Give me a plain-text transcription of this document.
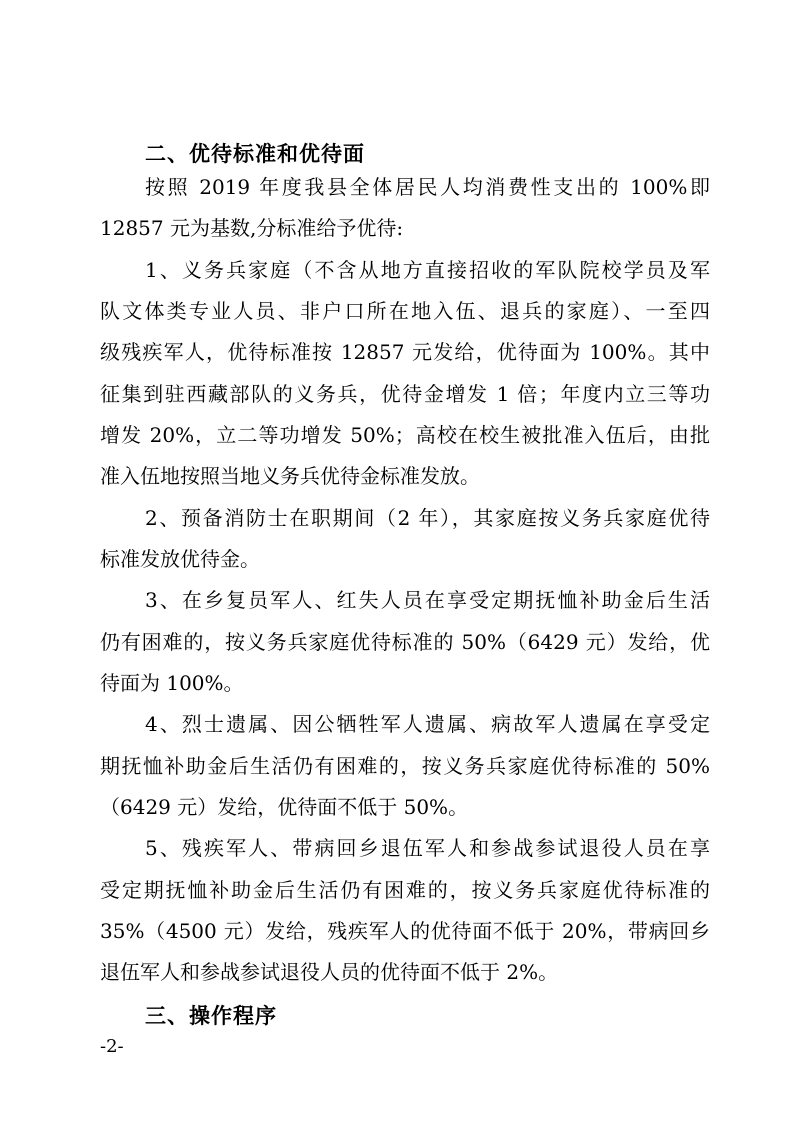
二、优待标准和优待面
按照 2019 年度我县全体居民人均消费性支出的 100%即
12857 元为基数,分标准给予优待:
1、义务兵家庭（不含从地方直接招收的军队院校学员及军
队文体类专业人员、非户口所在地入伍、退兵的家庭）、一至四
级残疾军人，优待标准按 12857 元发给，优待面为 100%。其中
征集到驻西藏部队的义务兵，优待金增发 1 倍；年度内立三等功
增发 20%，立二等功增发 50%；高校在校生被批准入伍后，由批
准入伍地按照当地义务兵优待金标准发放。
2、预备消防士在职期间（2 年），其家庭按义务兵家庭优待
标准发放优待金。
3、在乡复员军人、红失人员在享受定期抚恤补助金后生活
仍有困难的，按义务兵家庭优待标准的 50%（6429 元）发给，优
待面为 100%。
4、烈士遗属、因公牺牲军人遗属、病故军人遗属在享受定
期抚恤补助金后生活仍有困难的，按义务兵家庭优待标准的 50%
（6429 元）发给，优待面不低于 50%。
5、残疾军人、带病回乡退伍军人和参战参试退役人员在享
受定期抚恤补助金后生活仍有困难的，按义务兵家庭优待标准的
35%（4500 元）发给，残疾军人的优待面不低于 20%，带病回乡
退伍军人和参战参试退役人员的优待面不低于 2%。
三、操作程序
-2-
